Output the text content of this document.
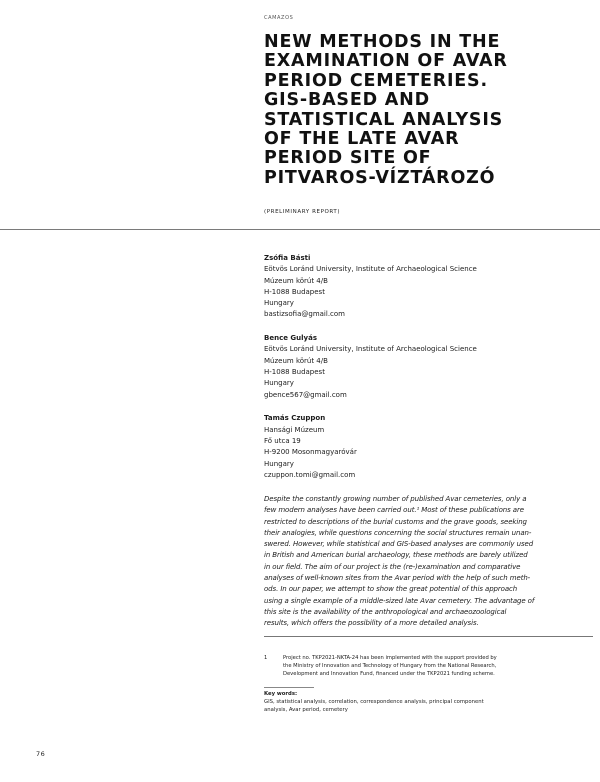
CAMAZOS
NEW METHODS IN THE
EXAMINATION OF AVAR
PERIOD CEMETERIES.
GIS-BASED AND
STATISTICAL ANALYSIS
OF THE LATE AVAR
PERIOD SITE OF
PITVAROS-VÍZTÁROZÓ
(PRELIMINARY REPORT)
Zsófia Básti
Eötvös Loránd University, Institute of Archaeological Science
Múzeum körút 4/B
H-1088 Budapest
Hungary
bastizsofia@gmail.com
Bence Gulyás
Eötvös Loránd University, Institute of Archaeological Science
Múzeum körút 4/B
H-1088 Budapest
Hungary
gbence567@gmail.com
Tamás Czuppon
Hansági Múzeum
Fő utca 19
H-9200 Mosonmagyaróvár
Hungary
czuppon.tomi@gmail.com
Despite the constantly growing number of published Avar cemeteries, only a
few modern analyses have been carried out.¹ Most of these publications are
restricted to descriptions of the burial customs and the grave goods, seeking
their analogies, while questions concerning the social structures remain unan-
swered. However, while statistical and GIS-based analyses are commonly used
in British and American burial archaeology, these methods are barely utilized
in our field. The aim of our project is the (re-)examination and comparative
analyses of well-known sites from the Avar period with the help of such meth-
ods. In our paper, we attempt to show the great potential of this approach
using a single example of a middle-sized late Avar cemetery. The advantage of
this site is the availability of the anthropological and archaeozoological
results, which offers the possibility of a more detailed analysis.
1	Project no. TKP2021-NKTA-24 has been implemented with the support provided by
the Ministry of Innovation and Technology of Hungary from the National Research,
Development and Innovation Fund, financed under the TKP2021 funding scheme.
Key words:
GIS, statistical analysis, correlation, correspondence analysis, principal component
analysis, Avar period, cemetery
76
